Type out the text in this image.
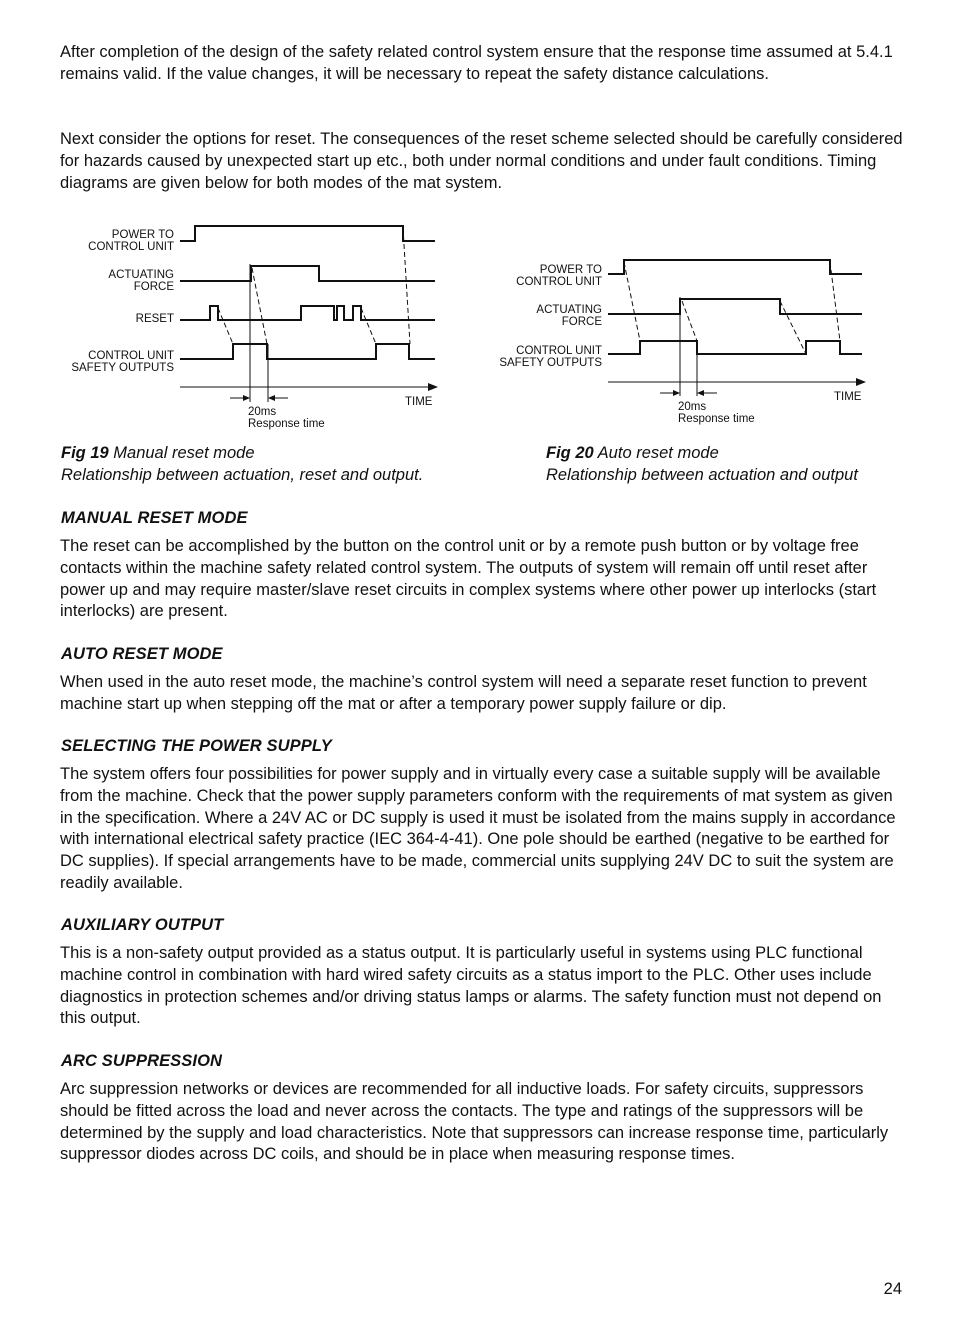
After completion of the design of the safety related control system ensure that the response time assumed at 5.4.1 remains valid. If the value changes, it will be necessary to repeat the safety distance calculations.

Next consider the options for reset. The consequences of the reset scheme selected should be carefully considered for hazards caused by unexpected start up etc., both under normal conditions and under fault conditions. Timing diagrams are given below for both modes of the mat system.

POWER TO
CONTROL UNIT
ACTUATING
FORCE
RESET
CONTROL UNIT
SAFETY OUTPUTS
TIME
20ms
Response time
POWER TO
CONTROL UNIT
ACTUATING
FORCE
CONTROL UNIT
SAFETY OUTPUTS
TIME
20ms
Response time
Fig 19 Manual reset mode
Relationship between actuation, reset and output.
Fig 20 Auto reset mode
Relationship between actuation and output
MANUAL RESET MODE

The reset can be accomplished by the button on the control unit or by a remote push button or by voltage free contacts within the machine safety related control system. The outputs of system will remain off until reset after power up and may require master/slave reset circuits in complex systems where other power up interlocks (start interlocks) are present.

AUTO RESET MODE

When used in the auto reset mode, the machine’s control system will need a separate reset function to prevent machine start up when stepping off the mat or after a temporary power supply failure or dip.

SELECTING THE POWER SUPPLY

The system offers four possibilities for power supply and in virtually every case a suitable supply will be available from the machine. Check that the power supply parameters conform with the requirements of mat system as given in the specification. Where a 24V AC or DC supply is used it must be isolated from the mains supply in accordance with international electrical safety practice (IEC 364-4-41). One pole should be earthed (negative to be earthed for DC supplies). If special arrangements have to be made, commercial units supplying 24V DC to suit the system are readily available.

AUXILIARY OUTPUT

This is a non-safety output provided as a status output. It is particularly useful in systems using PLC functional machine control in combination with hard wired safety circuits as a status import to the PLC. Other uses include diagnostics in protection schemes and/or driving status lamps or alarms. The safety function must not depend on this output.

ARC SUPPRESSION

Arc suppression networks or devices are recommended for all inductive loads. For safety circuits, suppressors should be fitted across the load and never across the contacts. The type and ratings of the suppressors will be determined by the supply and load characteristics. Note that suppressors can increase response time, particularly suppressor diodes across DC coils, and should be in place when measuring response times.

24
